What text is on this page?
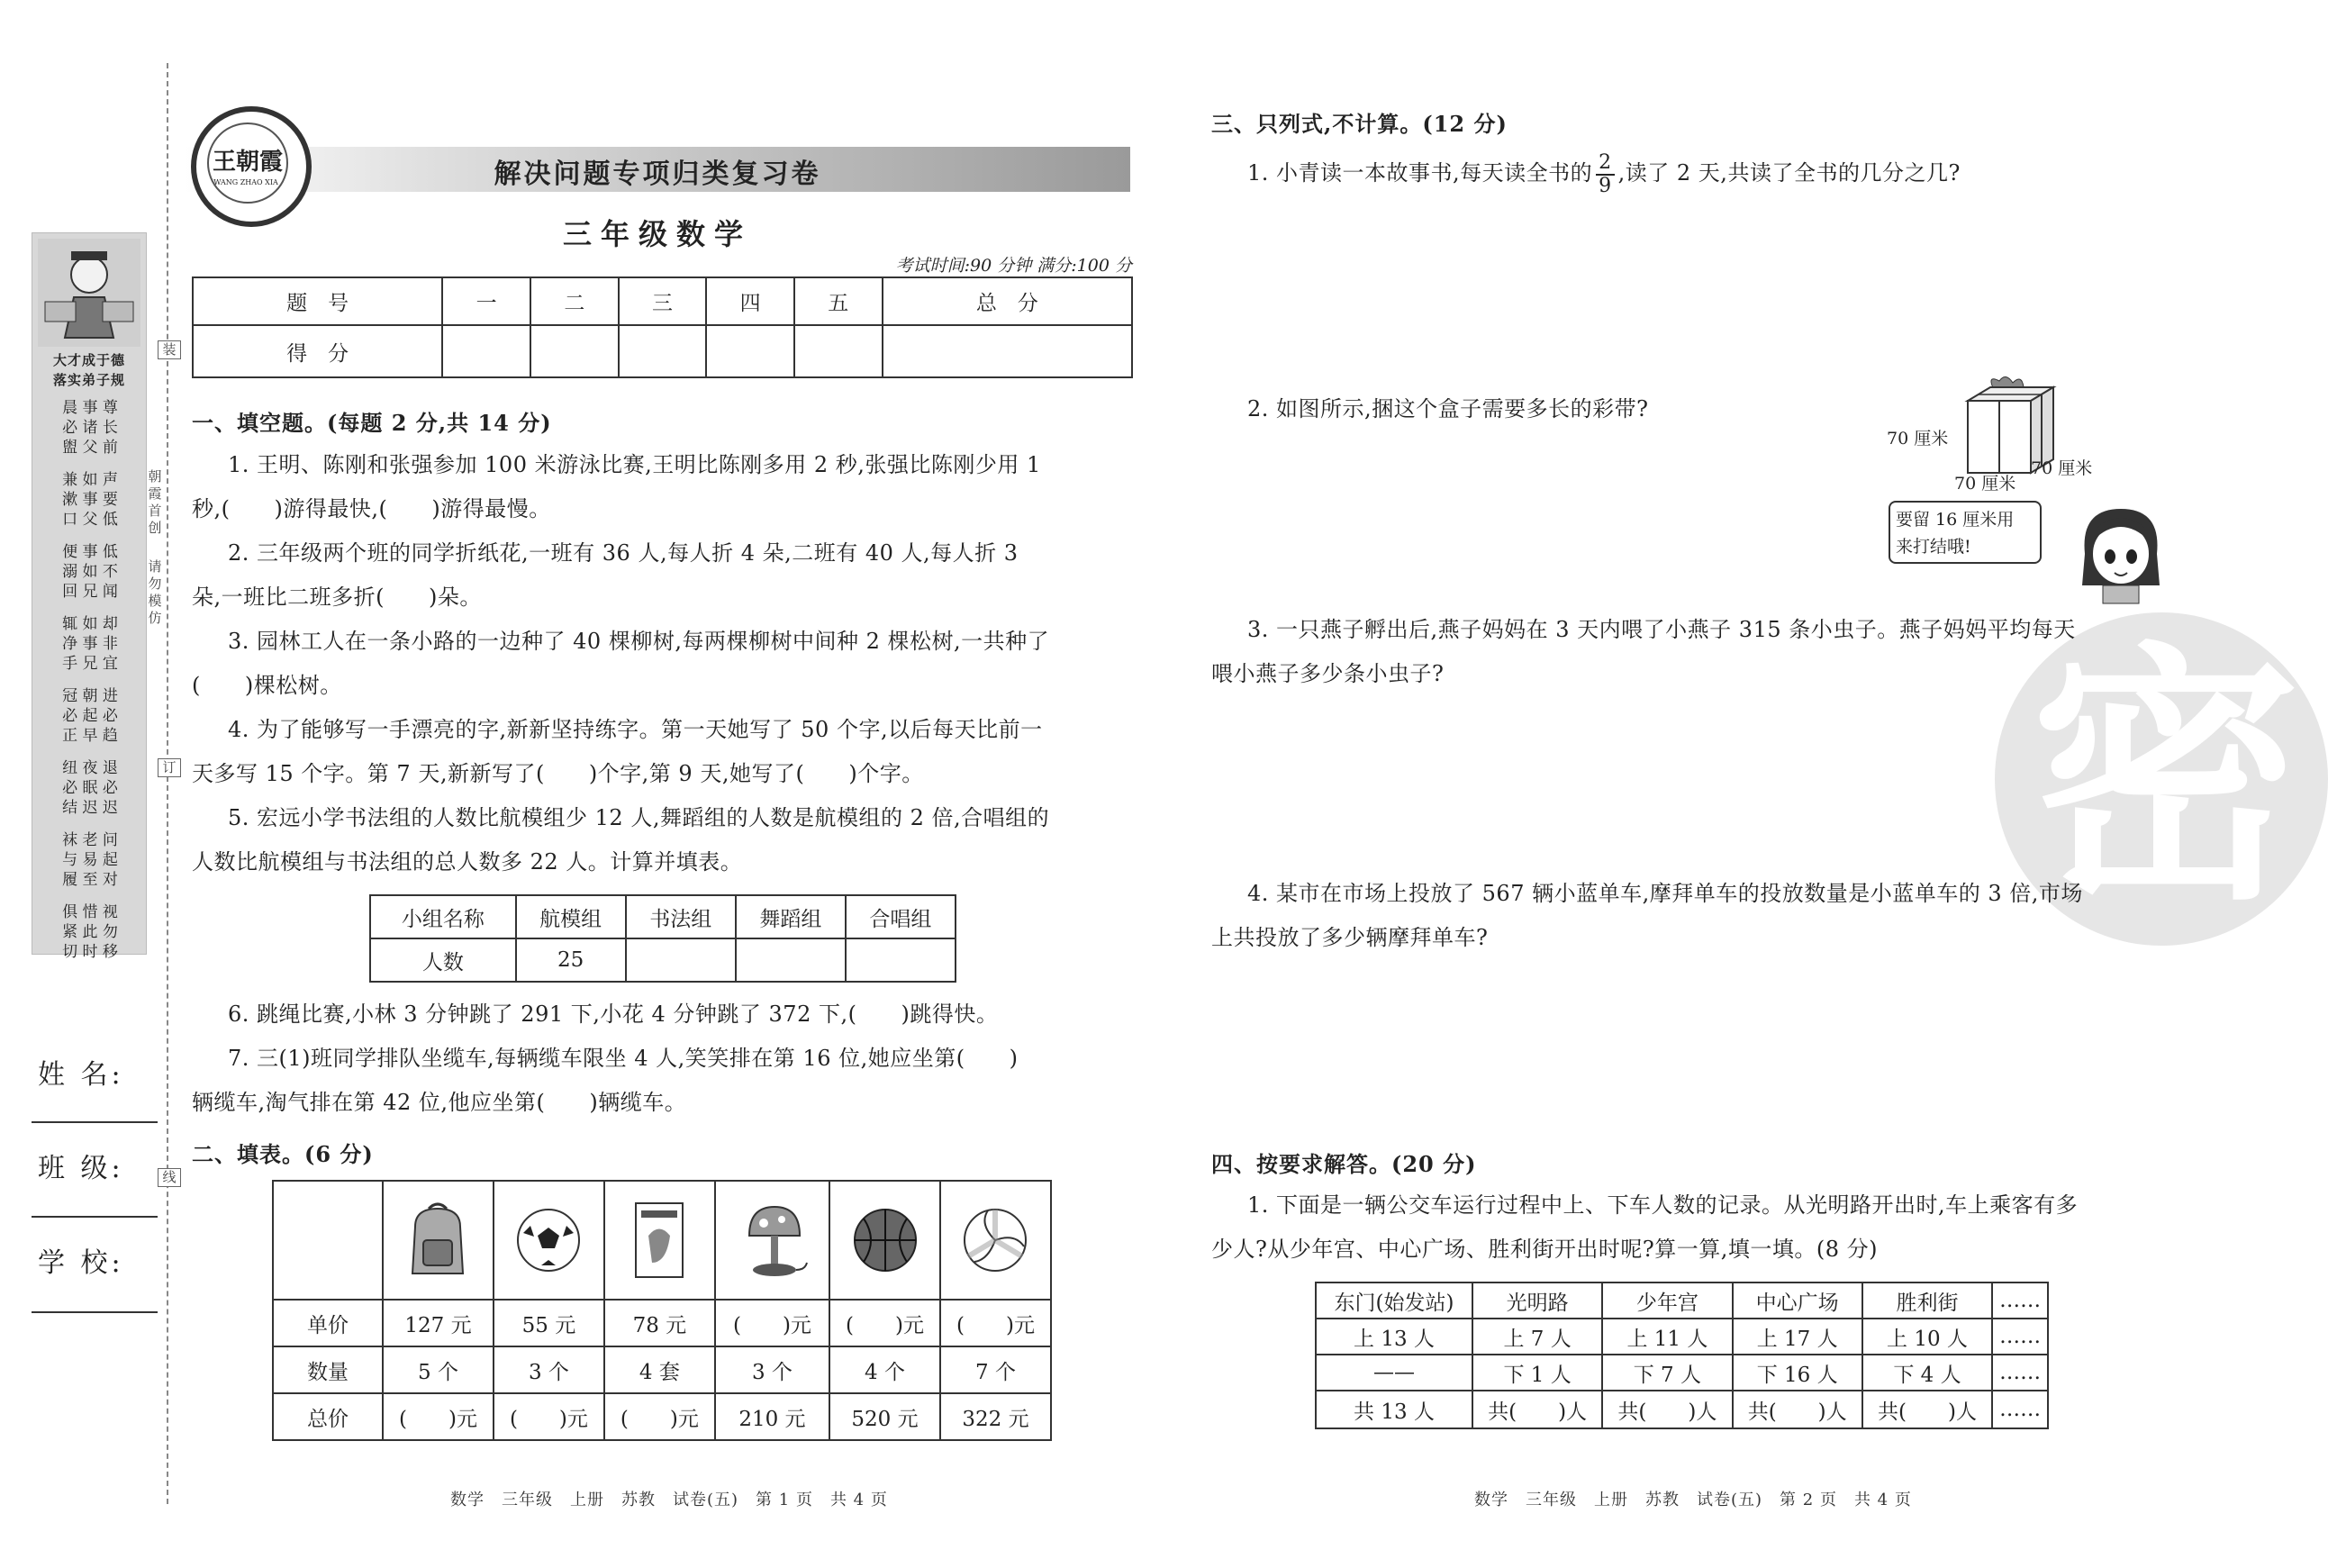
大才成于德
落实弟子规
晨 事 尊
必 诸 长
盥 父 前
兼 如 声
漱 事 要
口 父 低
便 事 低
溺 如 不
回 兄 闻
辄 如 却
净 事 非
手 兄 宜
冠 朝 进
必 起 必
正 早 趋
纽 夜 退
必 眠 必
结 迟 迟
袜 老 问
与 易 起
履 至 对
俱 惜 视
紧 此 勿
切 时 移
装
朝霞首创
请勿模仿
订
线
姓 名:
班 级:
学 校:
解决问题专项归类复习卷
王朝霞
WANG ZHAO XIA
三年级数学
考试时间:90 分钟 满分:100 分
题　号	一	二	三	四	五	总　分
得　分						
一、填空题。(每题 2 分,共 14 分)
1. 王明、陈刚和张强参加 100 米游泳比赛,王明比陈刚多用 2 秒,张强比陈刚少用 1
秒,(　　)游得最快,(　　)游得最慢。
2. 三年级两个班的同学折纸花,一班有 36 人,每人折 4 朵,二班有 40 人,每人折 3
朵,一班比二班多折(　　)朵。
3. 园林工人在一条小路的一边种了 40 棵柳树,每两棵柳树中间种 2 棵松树,一共种了
(　　)棵松树。
4. 为了能够写一手漂亮的字,新新坚持练字。第一天她写了 50 个字,以后每天比前一
天多写 15 个字。第 7 天,新新写了(　　)个字,第 9 天,她写了(　　)个字。
5. 宏远小学书法组的人数比航模组少 12 人,舞蹈组的人数是航模组的 2 倍,合唱组的
人数比航模组与书法组的总人数多 22 人。计算并填表。
小组名称	航模组	书法组	舞蹈组	合唱组
人数	25			
6. 跳绳比赛,小林 3 分钟跳了 291 下,小花 4 分钟跳了 372 下,(　　)跳得快。
7. 三(1)班同学排队坐缆车,每辆缆车限坐 4 人,笑笑排在第 16 位,她应坐第(　　)
辆缆车,淘气排在第 42 位,他应坐第(　　)辆缆车。
二、填表。(6 分)

单价	127 元	55 元	78 元	(　　)元	(　　)元	(　　)元
数量	5 个	3 个	4 套	3 个	4 个	7 个
总价	(　　)元	(　　)元	(　　)元	210 元	520 元	322 元
数学　三年级　上册　苏教　试卷(五)　第 1 页　共 4 页
密
三、只列式,不计算。(12 分)
1. 小青读一本故事书,每天读全书的 $\frac{2}{9}$ ,读了 2 天,共读了全书的几分之几?
2. 如图所示,捆这个盒子需要多长的彩带?
70 厘米
70 厘米
70 厘米
要留 16 厘米用
来打结哦!
3. 一只燕子孵出后,燕子妈妈在 3 天内喂了小燕子 315 条小虫子。燕子妈妈平均每天
喂小燕子多少条小虫子?
4. 某市在市场上投放了 567 辆小蓝单车,摩拜单车的投放数量是小蓝单车的 3 倍,市场
上共投放了多少辆摩拜单车?
四、按要求解答。(20 分)
1. 下面是一辆公交车运行过程中上、下车人数的记录。从光明路开出时,车上乘客有多
少人?从少年宫、中心广场、胜利街开出时呢?算一算,填一填。(8 分)
东门(始发站)	光明路	少年宫	中心广场	胜利街	……
上 13 人	上 7 人	上 11 人	上 17 人	上 10 人	……
——	下 1 人	下 7 人	下 16 人	下 4 人	……
共 13 人	共(　　)人	共(　　)人	共(　　)人	共(　　)人	……
数学　三年级　上册　苏教　试卷(五)　第 2 页　共 4 页
